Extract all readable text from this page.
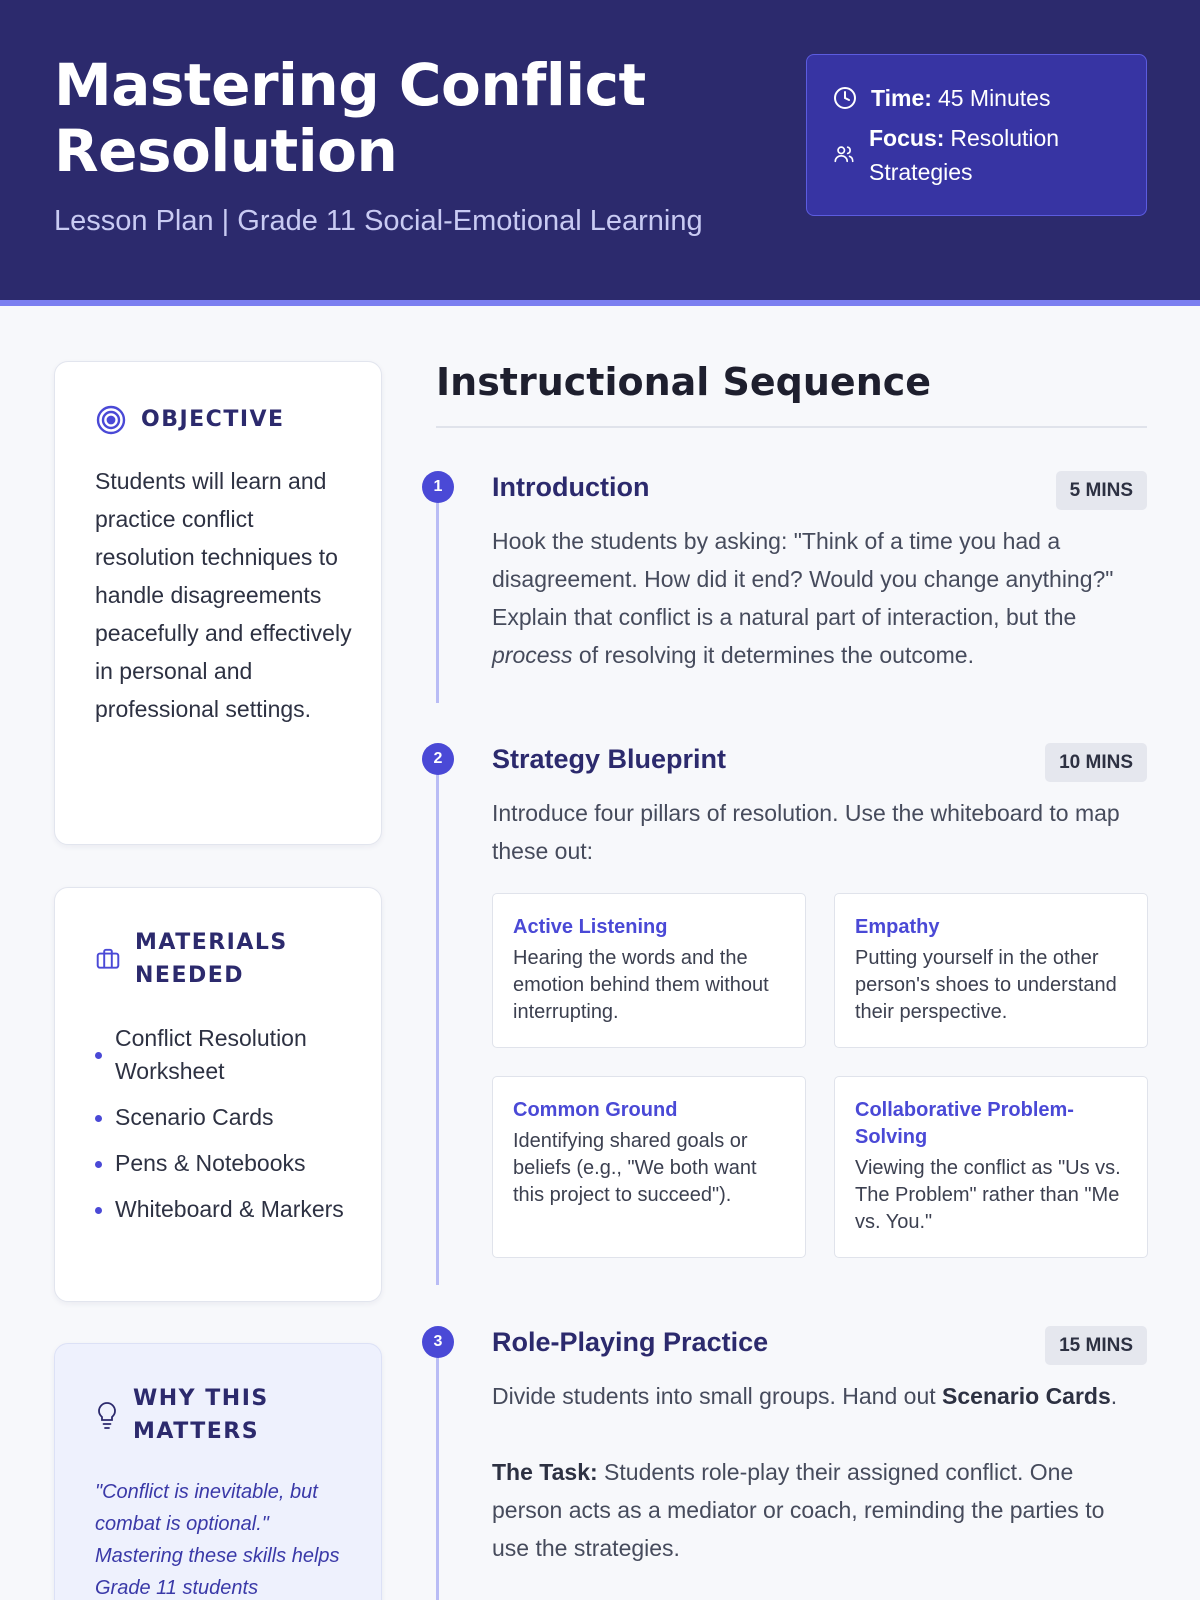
Mastering Conflict Resolution
Lesson Plan | Grade 11 Social-Emotional Learning
Time: 45 Minutes
Focus: Resolution Strategies
OBJECTIVE

Students will learn and practice conflict resolution techniques to handle disagreements peacefully and effectively in personal and professional settings.

MATERIALS NEEDED
Conflict Resolution Worksheet
Scenario Cards
Pens & Notebooks
Whiteboard & Markers
WHY THIS MATTERS

"Conflict is inevitable, but combat is optional." Mastering these skills helps Grade 11 students

Instructional Sequence
1	Introduction	5 MINS

Hook the students by asking: "Think of a time you had a disagreement. How did it end? Would you change anything?" Explain that conflict is a natural part of interaction, but the process of resolving it determines the outcome.

2	Strategy Blueprint	10 MINS

Introduce four pillars of resolution. Use the whiteboard to map these out:

Active Listening
Hearing the words and the emotion behind them without interrupting.
Empathy
Putting yourself in the other person's shoes to understand their perspective.
Common Ground
Identifying shared goals or beliefs (e.g., "We both want this project to succeed").
Collaborative Problem-Solving
Viewing the conflict as "Us vs. The Problem" rather than "Me vs. You."
3	Role-Playing Practice	15 MINS

Divide students into small groups. Hand out Scenario Cards.

The Task: Students role-play their assigned conflict. One person acts as a mediator or coach, reminding the parties to use the strategies.
